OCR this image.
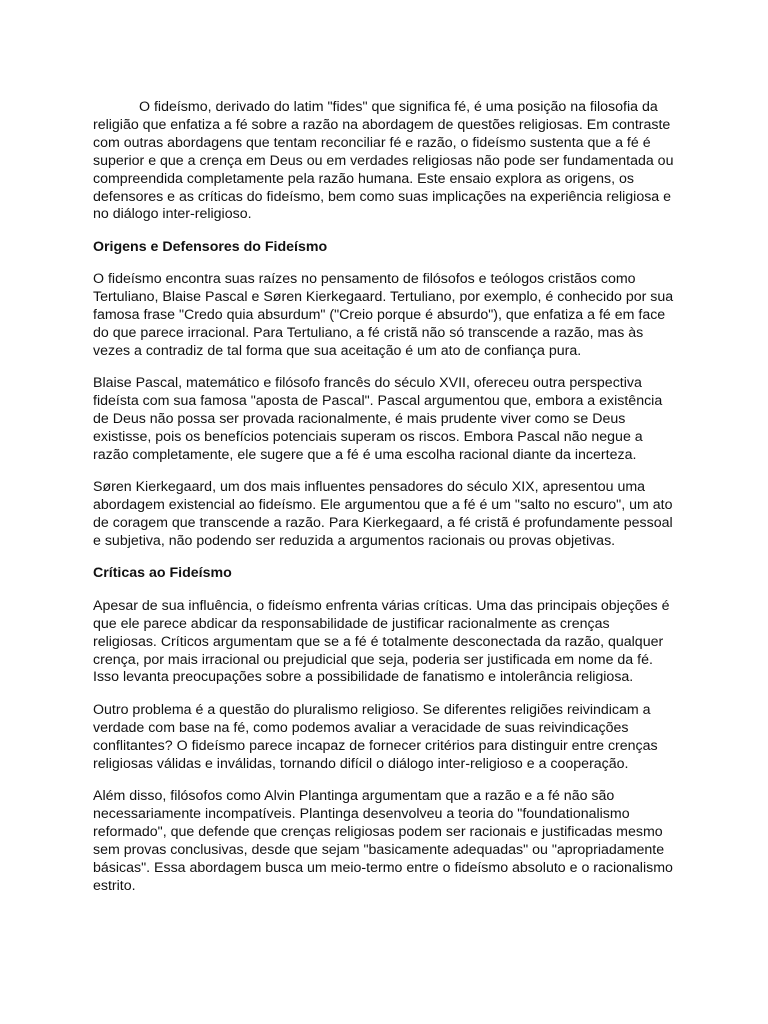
O fideísmo, derivado do latim "fides" que significa fé, é uma posição na filosofia da religião que enfatiza a fé sobre a razão na abordagem de questões religiosas. Em contraste com outras abordagens que tentam reconciliar fé e razão, o fideísmo sustenta que a fé é superior e que a crença em Deus ou em verdades religiosas não pode ser fundamentada ou compreendida completamente pela razão humana. Este ensaio explora as origens, os defensores e as críticas do fideísmo, bem como suas implicações na experiência religiosa e no diálogo inter-religioso.

Origens e Defensores do Fideísmo

O fideísmo encontra suas raízes no pensamento de filósofos e teólogos cristãos como Tertuliano, Blaise Pascal e Søren Kierkegaard. Tertuliano, por exemplo, é conhecido por sua famosa frase "Credo quia absurdum" ("Creio porque é absurdo"), que enfatiza a fé em face do que parece irracional. Para Tertuliano, a fé cristã não só transcende a razão, mas às vezes a contradiz de tal forma que sua aceitação é um ato de confiança pura.

Blaise Pascal, matemático e filósofo francês do século XVII, ofereceu outra perspectiva fideísta com sua famosa "aposta de Pascal". Pascal argumentou que, embora a existência de Deus não possa ser provada racionalmente, é mais prudente viver como se Deus existisse, pois os benefícios potenciais superam os riscos. Embora Pascal não negue a razão completamente, ele sugere que a fé é uma escolha racional diante da incerteza.

Søren Kierkegaard, um dos mais influentes pensadores do século XIX, apresentou uma abordagem existencial ao fideísmo. Ele argumentou que a fé é um "salto no escuro", um ato de coragem que transcende a razão. Para Kierkegaard, a fé cristã é profundamente pessoal e subjetiva, não podendo ser reduzida a argumentos racionais ou provas objetivas.

Críticas ao Fideísmo

Apesar de sua influência, o fideísmo enfrenta várias críticas. Uma das principais objeções é que ele parece abdicar da responsabilidade de justificar racionalmente as crenças religiosas. Críticos argumentam que se a fé é totalmente desconectada da razão, qualquer crença, por mais irracional ou prejudicial que seja, poderia ser justificada em nome da fé. Isso levanta preocupações sobre a possibilidade de fanatismo e intolerância religiosa.

Outro problema é a questão do pluralismo religioso. Se diferentes religiões reivindicam a verdade com base na fé, como podemos avaliar a veracidade de suas reivindicações conflitantes? O fideísmo parece incapaz de fornecer critérios para distinguir entre crenças religiosas válidas e inválidas, tornando difícil o diálogo inter-religioso e a cooperação.

Além disso, filósofos como Alvin Plantinga argumentam que a razão e a fé não são necessariamente incompatíveis. Plantinga desenvolveu a teoria do "foundationalismo reformado", que defende que crenças religiosas podem ser racionais e justificadas mesmo sem provas conclusivas, desde que sejam "basicamente adequadas" ou "apropriadamente básicas". Essa abordagem busca um meio-termo entre o fideísmo absoluto e o racionalismo estrito.
